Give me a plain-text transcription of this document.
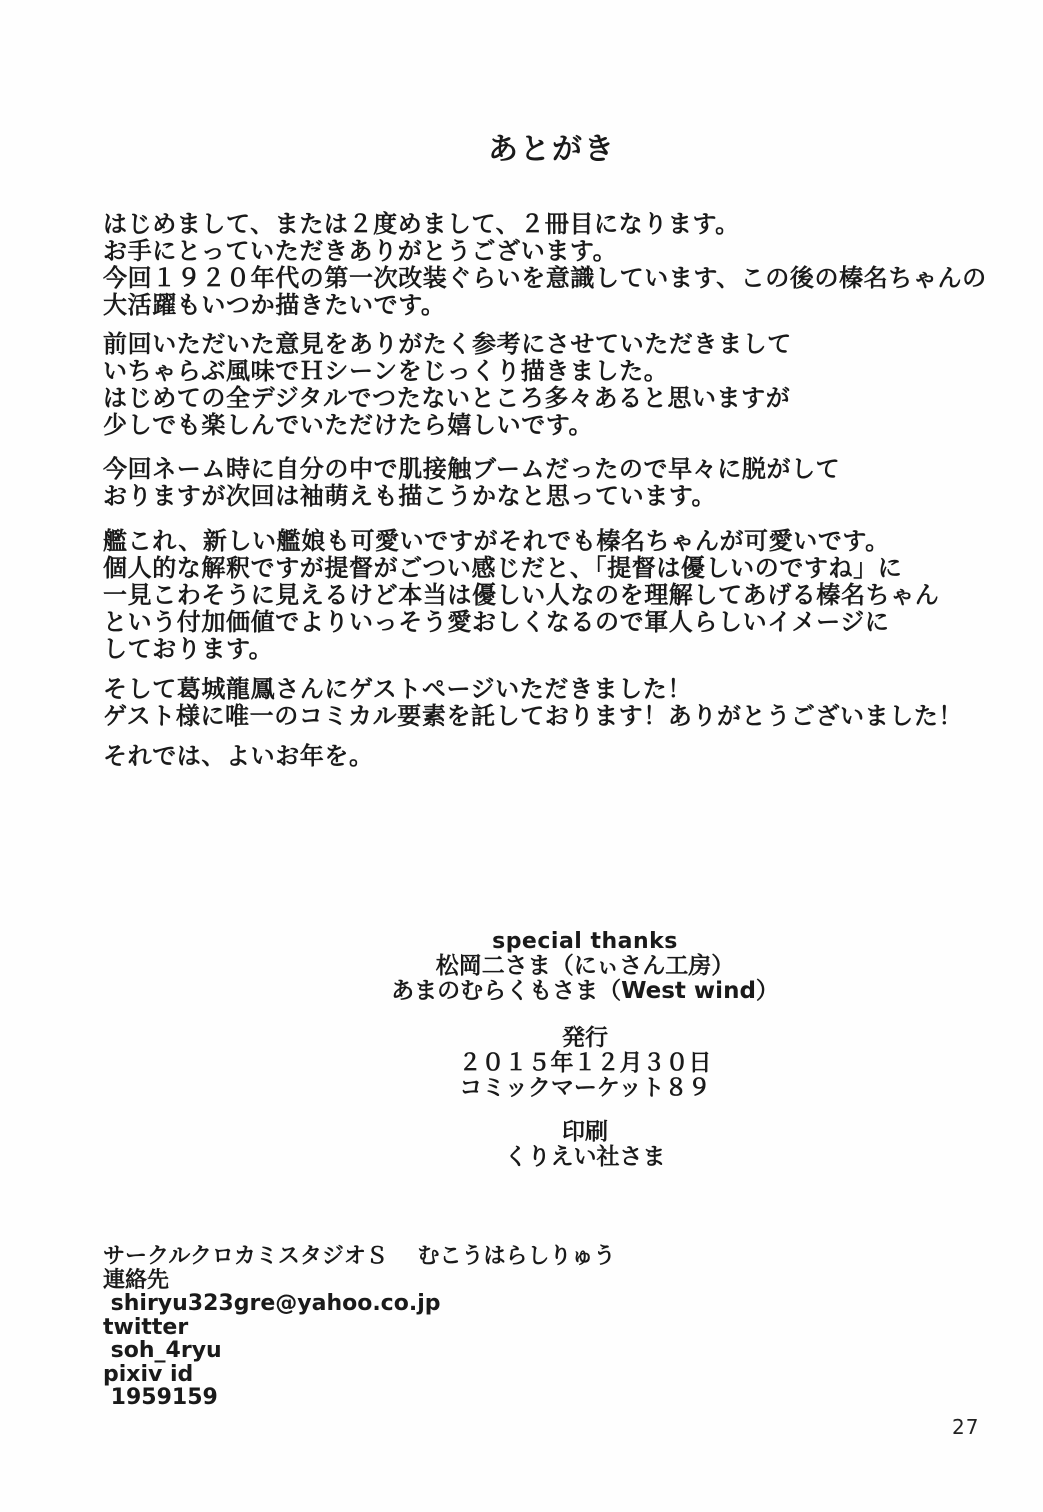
あとがき
はじめまして、または２度めまして、２冊目になります。
お手にとっていただきありがとうございます。
今回１９２０年代の第一次改装ぐらいを意識しています、この後の榛名ちゃんの
大活躍もいつか描きたいです。
前回いただいた意見をありがたく参考にさせていただきまして
いちゃらぶ風味でＨシーンをじっくり描きました。
はじめての全デジタルでつたないところ多々あると思いますが
少しでも楽しんでいただけたら嬉しいです。
今回ネーム時に自分の中で肌接触ブームだったので早々に脱がして
おりますが次回は袖萌えも描こうかなと思っています。
艦これ、新しい艦娘も可愛いですがそれでも榛名ちゃんが可愛いです。
個人的な解釈ですが提督がごつい感じだと、「提督は優しいのですね」に
一見こわそうに見えるけど本当は優しい人なのを理解してあげる榛名ちゃん
という付加価値でよりいっそう愛おしくなるので軍人らしいイメージに
しております。
そして葛城龍鳳さんにゲストページいただきました！
ゲスト様に唯一のコミカル要素を託しております！ありがとうございました！
それでは、よいお年を。
special thanks
松岡二さま（にぃさん工房）
あまのむらくもさま（West wind）
発行
２０１５年１２月３０日
コミックマーケット８９
印刷
くりえい社さま
サークルクロカミスタジオＳ　 むこうはらしりゅう
連絡先
shiryu323gre@yahoo.co.jp
twitter
soh_4ryu
pixiv id
1959159
27
